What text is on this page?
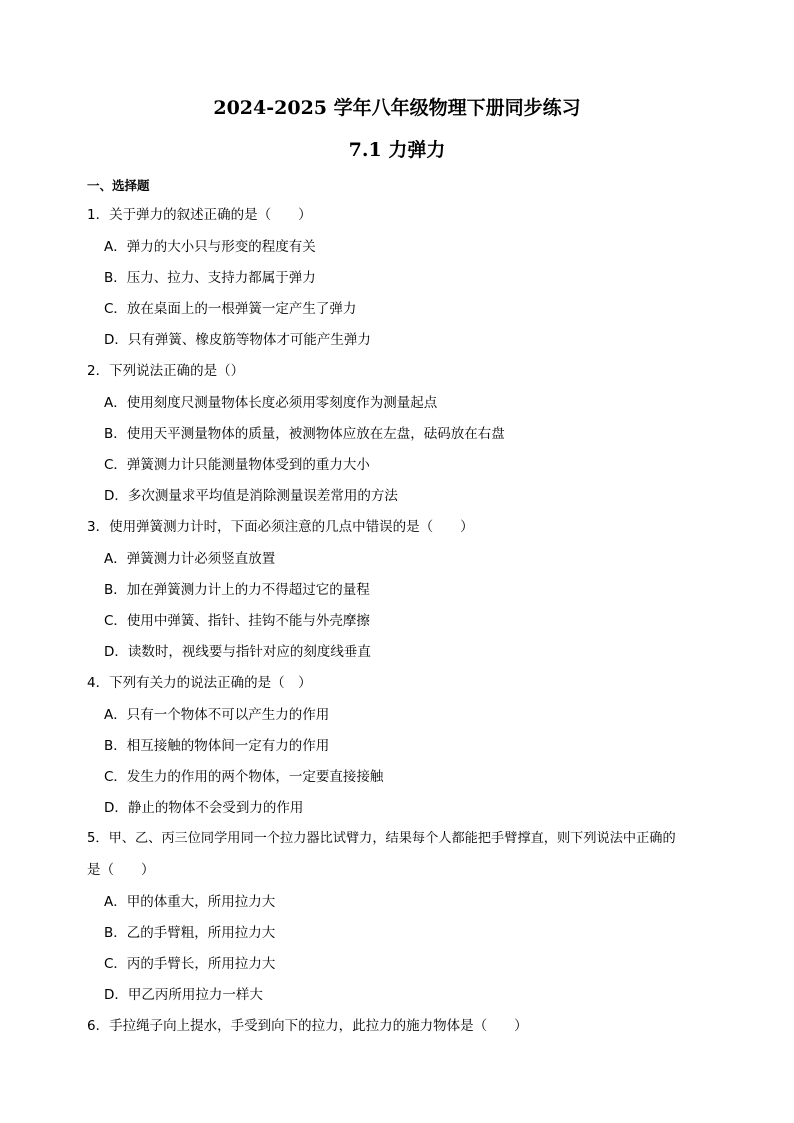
2024-2025 学年八年级物理下册同步练习
7.1 力弹力
一、选择题
1．关于弹力的叙述正确的是（　　）
A．弹力的大小只与形变的程度有关
B．压力、拉力、支持力都属于弹力
C．放在桌面上的一根弹簧一定产生了弹力
D．只有弹簧、橡皮筋等物体才可能产生弹力
2．下列说法正确的是（）
A．使用刻度尺测量物体长度必须用零刻度作为测量起点
B．使用天平测量物体的质量，被测物体应放在左盘，砝码放在右盘
C．弹簧测力计只能测量物体受到的重力大小
D．多次测量求平均值是消除测量误差常用的方法
3．使用弹簧测力计时，下面必须注意的几点中错误的是（　　）
A．弹簧测力计必须竖直放置
B．加在弹簧测力计上的力不得超过它的量程
C．使用中弹簧、指针、挂钩不能与外壳摩擦
D．读数时，视线要与指针对应的刻度线垂直
4．下列有关力的说法正确的是（　）
A．只有一个物体不可以产生力的作用
B．相互接触的物体间一定有力的作用
C．发生力的作用的两个物体，一定要直接接触
D．静止的物体不会受到力的作用
5．甲、乙、丙三位同学用同一个拉力器比试臂力，结果每个人都能把手臂撑直，则下列说法中正确的
是（　　）
A．甲的体重大，所用拉力大
B．乙的手臂粗，所用拉力大
C．丙的手臂长，所用拉力大
D．甲乙丙所用拉力一样大
6．手拉绳子向上提水，手受到向下的拉力，此拉力的施力物体是（　　）
